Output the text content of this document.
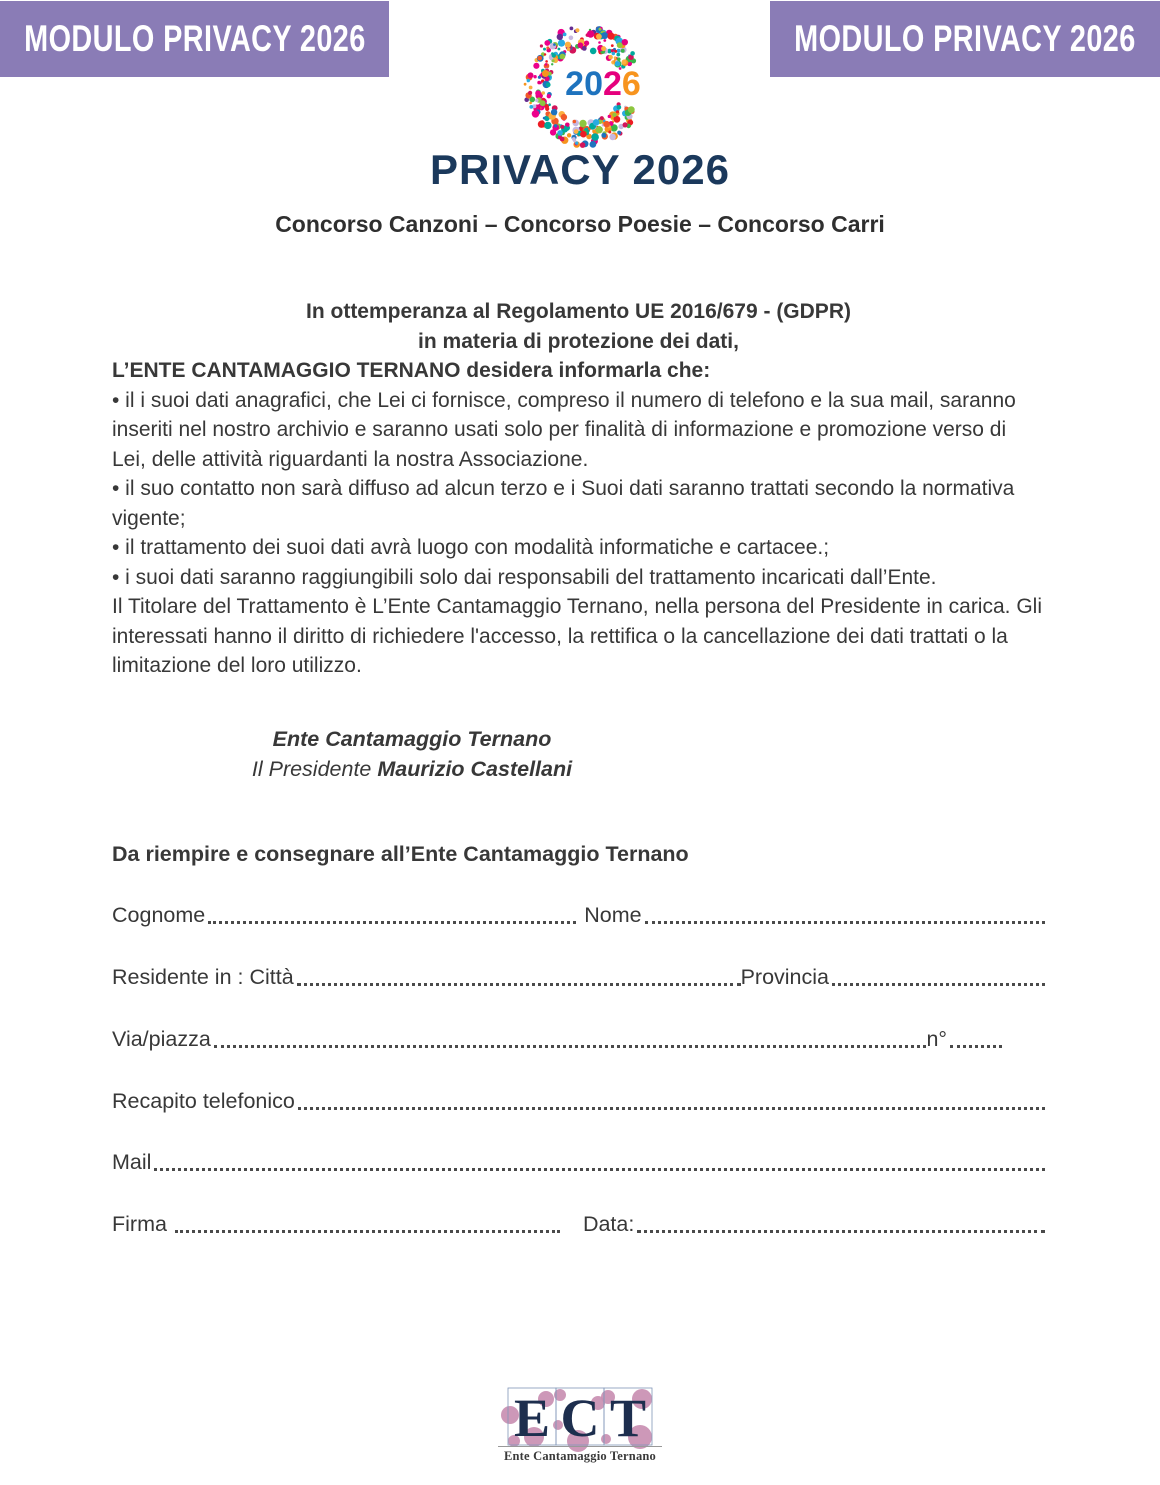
MODULO PRIVACY 2026	MODULO PRIVACY 2026
2026
PRIVACY 2026
Concorso Canzoni – Concorso Poesie – Concorso Carri

In ottemperanza al Regolamento UE 2016/679 - (GDPR)

in materia di protezione dei dati,

L’ENTE CANTAMAGGIO TERNANO desidera informarla che:

• il i suoi dati anagrafici, che Lei ci fornisce, compreso il numero di telefono e la sua mail, saranno inseriti nel nostro archivio e saranno usati solo per finalità di informazione e promozione verso di Lei, delle attività riguardanti la nostra Associazione.

• il suo contatto non sarà diffuso ad alcun terzo e i Suoi dati saranno trattati secondo la normativa vigente;

• il trattamento dei suoi dati avrà luogo con modalità informatiche e cartacee.;

• i suoi dati saranno raggiungibili solo dai responsabili del trattamento incaricati dall’Ente.

Il Titolare del Trattamento è L’Ente Cantamaggio Ternano, nella persona del Presidente in carica. Gli interessati hanno il diritto di richiedere l'accesso, la rettifica o la cancellazione dei dati trattati o la limitazione del loro utilizzo.

Ente Cantamaggio Ternano
Il Presidente Maurizio Castellani
Da riempire e consegnare all’Ente Cantamaggio Ternano
Cognome	Nome
Residente in : Città	Provincia
Via/piazza	n°
Recapito telefonico
Mail
Firma	Data:
E C T
Ente Cantamaggio Ternano
